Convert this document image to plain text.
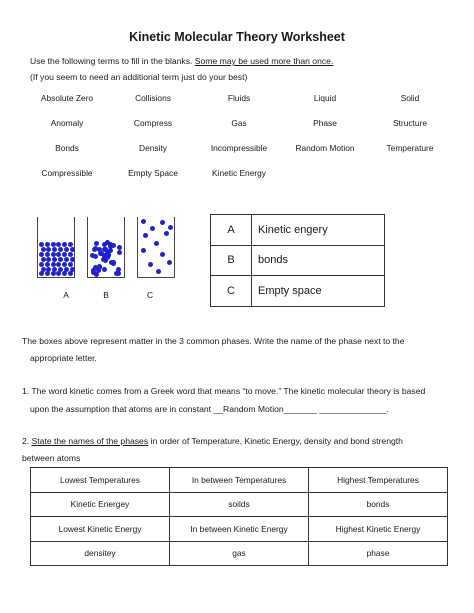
Kinetic Molecular Theory Worksheet
Use the following terms to fill in the blanks. Some may be used more than once.
(If you seem to need an additional term just do your best)
Absolute Zero	Collisions	Fluids	Liquid	Solid
Anomaly	Compress	Gas	Phase	Structure
Bonds	Density	Incompressible	Random Motion	Temperature
Compressible	Empty Space	Kinetic Energy
A	B	C
A	Kinetic engery
B	bonds
C	Empty space
The boxes above represent matter in the 3 common phases. Write the name of the phase next to the
appropriate letter.
1. The word kinetic comes from a Greek word that means “to move.” The kinetic molecular theory is based
upon the assumption that atoms are in constant __Random Motion_______ ______________.
2. State the names of the phases in order of Temperature, Kinetic Energy, density and bond strength
between atoms
Lowest Temperatures	In between Temperatures	Highest Temperatures
Kinetic Energey	soilds	bonds
Lowest Kinetic Energy	In between Kinetic Energy	Highest Kinetic Energy
densitey	gas	phase
